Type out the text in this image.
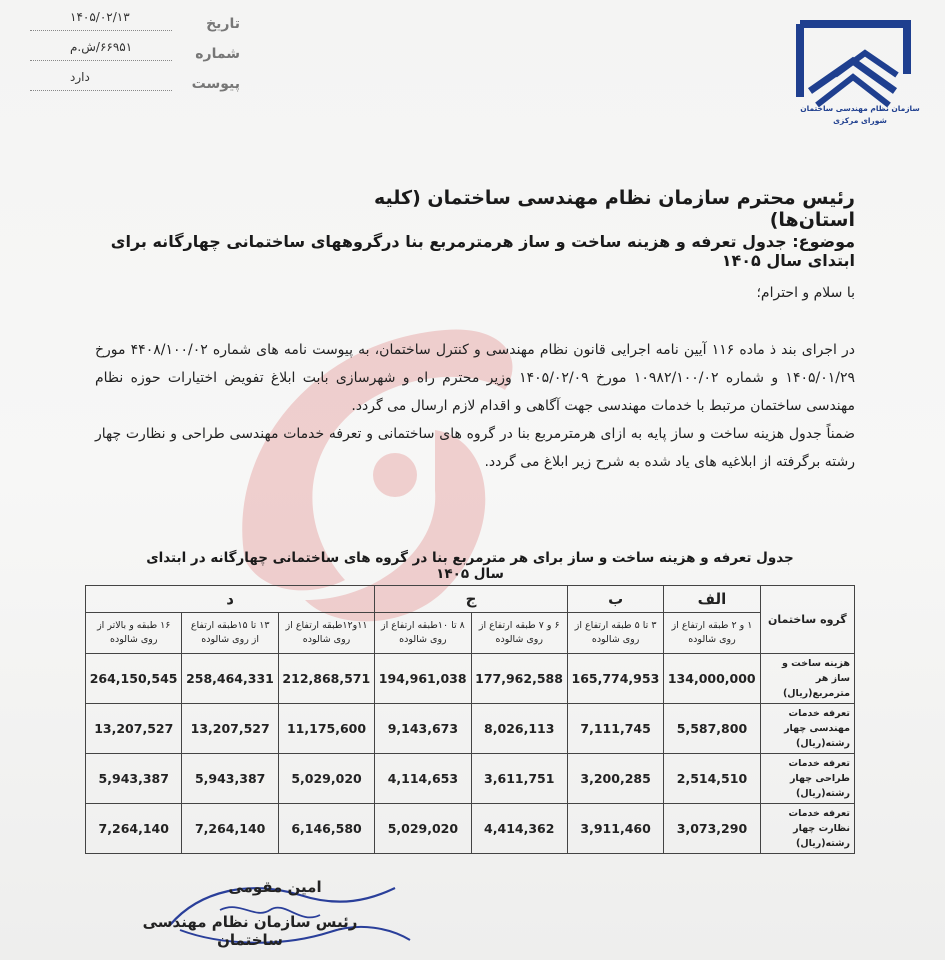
تاریخ
۱۴۰۵/۰۲/۱۳
شماره
۶۶۹۵۱/ش.م
پیوست
دارد
سازمان نظام مهندسی ساختمان
شورای مرکزی
رئیس محترم سازمان نظام مهندسی ساختمان (کلیه استان‌ها)
موضوع: جدول تعرفه و هزینه ساخت و ساز هرمترمربع بنا درگروههای ساختمانی چهارگانه برای ابتدای سال ۱۴۰۵
با سلام و احترام؛

در اجرای بند ذ ماده ۱۱۶ آیین نامه اجرایی قانون نظام مهندسی و کنترل ساختمان، به پیوست نامه های شماره ۴۴۰۸/۱۰۰/۰۲ مورخ ۱۴۰۵/۰۱/۲۹ و شماره ۱۰۹۸۲/۱۰۰/۰۲ مورخ ۱۴۰۵/۰۲/۰۹ وزیر محترم راه و شهرسازی بابت ابلاغ تفویض اختیارات حوزه نظام مهندسی ساختمان مرتبط با خدمات مهندسی جهت آگاهی و اقدام لازم ارسال می گردد.

ضمناً جدول هزینه ساخت و ساز پایه به ازای هرمترمربع بنا در گروه های ساختمانی و تعرفه خدمات مهندسی طراحی و نظارت چهار رشته برگرفته از ابلاغیه های یاد شده به شرح زیر ابلاغ می گردد.

جدول تعرفه و هزینه ساخت و ساز برای هر مترمربع بنا در گروه های ساختمانی چهارگانه در ابتدای سال ۱۴۰۵
گروه ساختمان	الف	ب	ج		د		
	۱ و ۲ طبقه ارتفاع از روی شالوده	۳ تا ۵ طبقه ارتفاع از روی شالوده	۶ و ۷ طبقه ارتفاع از روی شالوده	۸ تا ۱۰طبقه ارتفاع از روی شالوده	۱۱و۱۲طبقه ارتفاع از روی شالوده	۱۳ تا ۱۵طبقه ارتفاع از روی شالوده	۱۶ طبقه و بالاتر از روی شالوده
هزینه ساخت و ساز هر مترمربع(ریال)	134,000,000	165,774,953	177,962,588	194,961,038	212,868,571	258,464,331	264,150,545
تعرفه خدمات مهندسی چهار رشته(ریال)	5,587,800	7,111,745	8,026,113	9,143,673	11,175,600	13,207,527	13,207,527
تعرفه خدمات طراحی چهار رشته(ریال)	2,514,510	3,200,285	3,611,751	4,114,653	5,029,020	5,943,387	5,943,387
تعرفه خدمات نظارت چهار رشته(ریال)	3,073,290	3,911,460	4,414,362	5,029,020	6,146,580	7,264,140	7,264,140
امین مقومی
رئیس سازمان نظام مهندسی ساختمان
